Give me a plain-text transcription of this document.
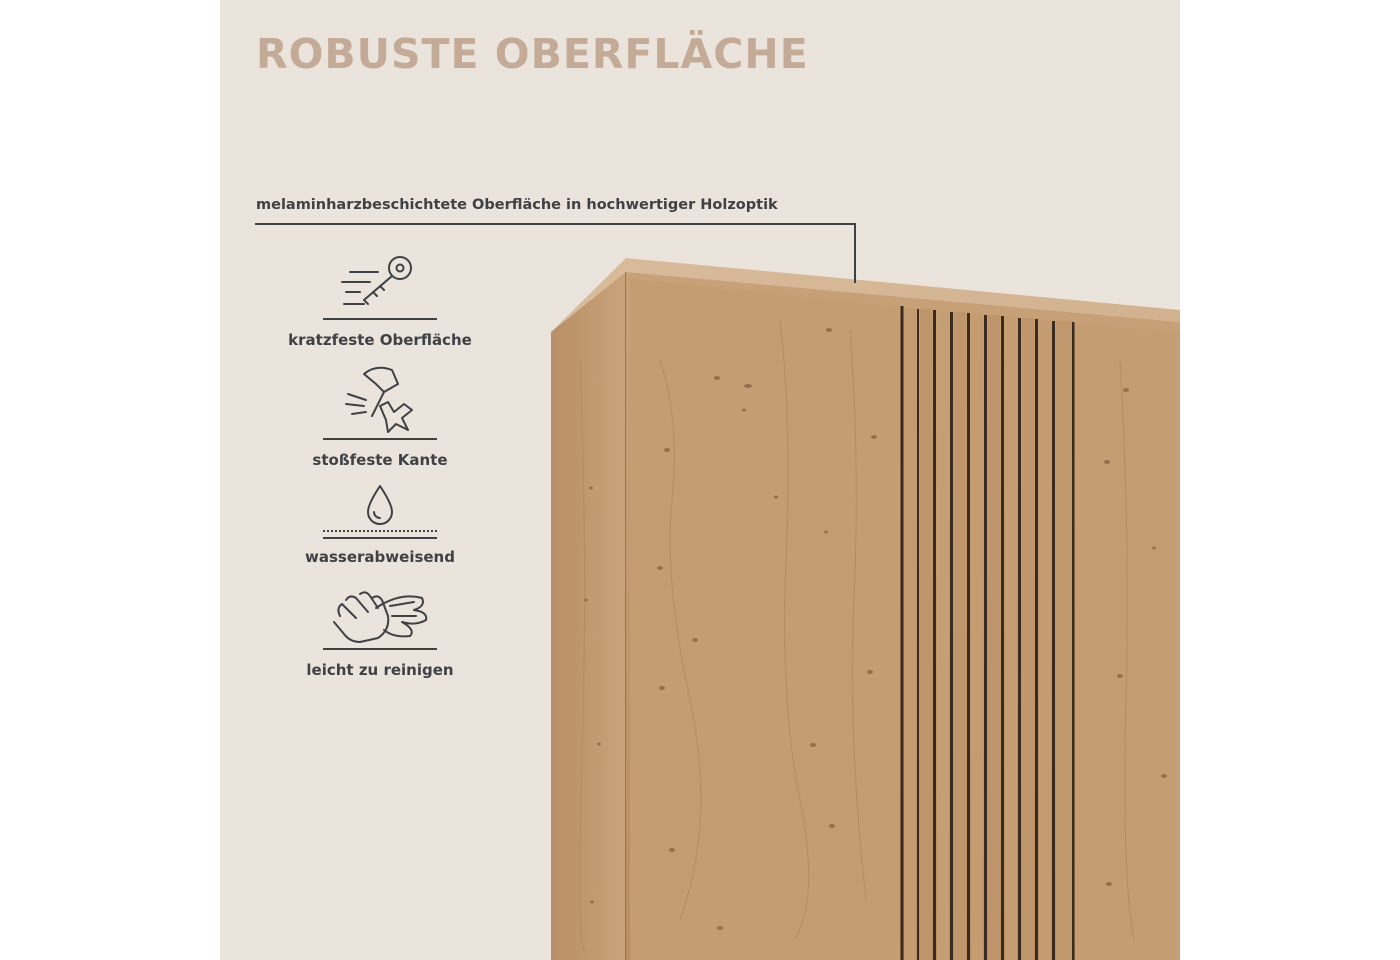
ROBUSTE OBERFLÄCHE
melaminharzbeschichtete Oberfläche in hochwertiger Holzoptik
kratzfeste Oberfläche
stoßfeste Kante
wasserabweisend
leicht zu reinigen
